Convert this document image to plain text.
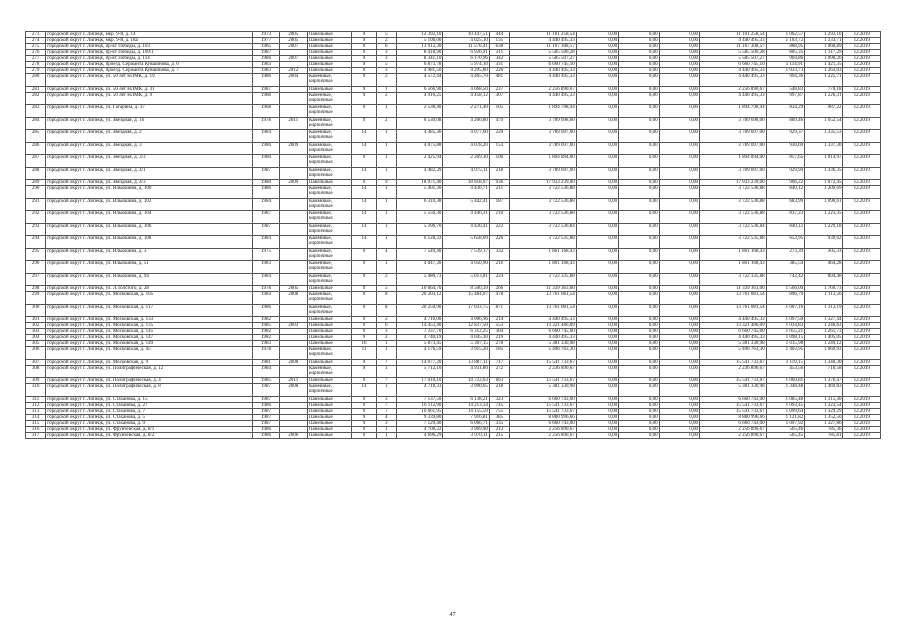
273	городской округ г. Липецк, мкр. 9-й, д. 14	1973	2005	Панельные	9	5	12 392,10	10 447,51	444	11 101 258,54	0,00	0,00	0,00	11 101 258,54	1 062,57	1 292,16	12.2019
274	городской округ г. Липецк, мкр. 9-й, д. 18а	1977	2005	Панельные	9	2	5 108,00	4 025,10	135	4 440 495,33	0,00	0,00	0,00	4 440 495,33	1 103,72	1 333,71	12.2019
275	городской округ г. Липецк, пр-кт Победы, д. 103	1985	2007	Панельные	9	6	13 912,30	11 576,41	638	11 167 308,57	0,00	0,00	0,00	11 167 308,57	888,95	1 068,89	12.2019
276	городской округ г. Липецк, пр-кт Победы, д. 109/1	1987		Панельные	9	3	8 418,90	6 926,91	311	5 585 506,28	0,00	0,00	0,00	5 585 506,28	805,35	1 117,29	12.2019
277	городской округ г. Липецк, пр-кт Победы, д. 114	1986	2007	Панельные	9	3	8 341,10	6 170,96	342	5 585 507,27	0,00	0,00	0,00	5 585 507,27	904,86	1 090,26	12.2019
278	городской округ г. Липецк, проезд. Сержанта Кувшинова, д. 6	1983		Панельные	9	5	6 873,78	5 974,10	331	6 660 745,10	0,00	0,00	0,00	6 660 745,10	1 114,91	1 421,35	12.2019
279	городской округ г. Липецк, проезд. Сержанта Кувшинова, д. 7	1983	2012	Панельные	9	3	4 981,50	4 295,80	226	4 440 495,33	0,00	0,00	0,00	4 440 495,33	1 033,73	1 263,03	12.2019
280	городской округ г. Липецк, ул. 50 лет НЛМК, д. 19	1986	2004	Каменные, кирпичные	9	2	4 572,44	4 465,70	481	4 440 495,33	0,00	0,00	0,00	4 440 495,33	994,36	1 225,71	12.2019
281	городской округ г. Липецк, ул. 50 лет НЛМК, д. 31	1987		Панельные	9	1	6 566,90	4 068,50	237	2 256 890,67	0,00	0,00	0,00	2 256 890,67	548,83	770,18	12.2019
282	городской округ г. Липецк, ул. 50 лет НЛМК, д. 9	1988		Каменные, кирпичные	9	2	4 916,25	4 458,12	307	4 440 495,33	0,00	0,00	0,00	4 440 495,33	997,87	1 226,31	12.2019
283	городской округ г. Липецк, ул. Гагарина, д. 37	1968		Каменные, кирпичные	9	1	2 538,40	2 271,40	105	1 894 798,94	0,00	0,00	0,00	1 894 798,94	834,29	987,22	12.2019
284	городской округ г. Липецк, ул. Звездная, д. 16	1978	2011	Каменные, кирпичные	9	2	6 530,08	4 260,80	479	3 789 698,00	0,00	0,00	0,00	3 789 698,00	889,46	1 052,54	12.2019
285	городской округ г. Липецк, ул. Звездная, д. 2	1984		Каменные, кирпичные	14	1	4 485,36	4 077,60	220	3 789 697,00	0,00	0,00	0,00	3 789 697,00	929,37	1 335,53	12.2019
286	городской округ г. Липецк, ул. Звездная, д. 3	1986	2009	Каменные, кирпичные	14	1	4 075,88	4 078,20	153	3 789 697,00	0,00	0,00	0,00	3 789 697,00	930,69	1 337,30	12.2019
287	городской округ г. Липецк, ул. Звездная, д. 3/3	1980		Каменные, кирпичные	9	1	2 425,94	2 269,30	106	1 894 894,00	0,00	0,00	0,00	1 894 894,00	857,65	1 014,97	12.2019
288	городской округ г. Липецк, ул. Звездная, д. 4/1	1987		Каменные, кирпичные	14	1	4 482,39	4 075,11	218	3 789 697,00	0,00	0,00	0,00	3 789 697,00	929,94	1 336,35	12.2019
289	городской округ г. Липецк, ул. Звездная, д. 4/3	1980	2009	Панельные	9	9	18 971,40	18 818,07	936	17 933 239,00	0,00	0,00	0,00	17 933 239,00	906,22	1 072,45	12.2019
290	городской округ г. Липецк, ул. Ильюшина, д. 100	1986		Каменные, кирпичные	14	1	5 401,30	4 430,71	211	3 722 536,88	0,00	0,00	0,00	3 722 536,88	840,12	1 209,69	12.2019
291	городской округ г. Липецк, ул. Ильюшина, д. 102	1984		Каменные, кирпичные	14	1	6 310,38	5 442,41	187	3 722 536,88	0,00	0,00	0,00	3 722 536,88	683,99	1 090,61	12.2019
292	городской округ г. Липецк, ул. Ильюшина, д. 104	1987		Каменные, кирпичные	14	1	5 556,30	4 446,31	210	3 722 536,88	0,00	0,00	0,00	3 722 536,88	837,23	1 223,35	12.2019
293	городской округ г. Липецк, ул. Ильюшина, д. 106	1987		Каменные, кирпичные	14	1	5 396,70	4 430,41	222	3 722 536,84	0,00	0,00	0,00	3 722 536,84	840,12	1 229,18	12.2019
294	городской округ г. Липецк, ул. Ильюшина, д. 108	1984		Каменные, кирпичные	14	1	6 128,33	5 658,09	226	3 722 535,88	0,00	0,00	0,00	3 722 535,88	653,95	939,62	12.2019
295	городской округ г. Липецк, ул. Ильюшина, д. 3	1975		Каменные, кирпичные	9	4	7 549,40	7 539,17	332	1 861 168,43	0,00	0,00	0,00	1 861 168,43	273,39	305,33	12.2019
296	городской округ г. Липецк, ул. Ильюшина, д. 51	1983		Каменные, кирпичные	9	1	4 847,30	4 050,90	216	1 861 168,43	0,00	0,00	0,00	1 861 168,43	385,54	464,28	12.2019
297	городской округ г. Липецк, ул. Ильюшина, д. 94	1984		Каменные, кирпичные	9	2	5 480,73	5 013,81	224	3 722 335,88	0,00	0,00	0,00	3 722 335,88	742,42	894,48	12.2019
298	городской округ г. Липецк, ул. Л.Толстого, д. 28	1978	2005	Панельные	9	5	10 664,70	8 500,39	266	11 339 363,00	0,00	0,00	0,00	11 339 363,00	1 566,09	1 769,73	12.2019
299	городской округ г. Липецк, ул. Московская, д. 105	1984	2008	Каменные, кирпичные	9	8	20 203,12	15 484,07	478	13 761 081,54	0,00	0,00	0,00	13 761 081,54	896,79	1 113,56	12.2019
300	городской округ г. Липецк, ул. Московская, д. 117	1986		Каменные, кирпичные	9	8	20 250,90	17 033,75	871	13 761 081,54	0,00	0,00	0,00	13 761 081,54	1 007,16	1 313,19	12.2019
301	городской округ г. Липецк, ул. Московская, д. 133	1982		Панельные	9	2	4 716,00	4 006,96	214	4 440 495,33	0,00	0,00	0,00	4 440 495,33	1 097,50	1 327,44	12.2019
302	городской округ г. Липецк, ул. Московская, д. 135	1985	2003	Панельные	9	6	14 453,40	12 837,50	553	13 321 486,09	0,00	0,00	0,00	13 321 486,09	1 034,83	1 246,63	12.2019
303	городской округ г. Липецк, ул. Московская, д. 145	1982		Панельные	9	3	7 337,70	6 312,25	304	6 660 745,00	0,00	0,00	0,00	6 660 745,00	1 055,21	1 261,73	12.2019
304	городской округ г. Липецк, ул. Московская, д. 147	1982		Панельные	9	2	4 740,19	4 045,30	219	4 440 495,33	0,00	0,00	0,00	4 440 495,33	1 098,15	1 405,05	12.2019
305	городской округ г. Липецк, ул. Московская, д. 149	1983		Панельные	16	1	5 873,45	5 307,15	278	5 381 330,98	0,00	0,00	0,00	5 381 330,98	1 015,98	1 249,12	12.2019
306	городской округ г. Липецк, ул. Московская, д. 45	1978		Каменные, кирпичные	11	1	4 176,59	3 915,20	185	5 496 763,30	0,00	0,00	0,00	5 496 763,30	1 403,95	1 669,93	12.2019
307	городской округ г. Липецк, ул. Московская, д. 9	1981	2008	Панельные	9	7	14 077,20	13 887,11	717	15 541 733,67	0,00	0,00	0,00	15 541 733,67	1 119,15	1 340,30	12.2019
308	городской округ г. Липецк, ул. Полиграфическая, д. 12	1984		Каменные, кирпичные	9	1	5 712,10	4 931,80	272	2 236 890,67	0,00	0,00	0,00	2 236 890,67	453,56	710,58	12.2019
309	городской округ г. Липецк, ул. Полиграфическая, д. 4	1985	2011	Панельные	9	7	17 010,10	14 722,63	663	15 541 733,67	0,00	0,00	0,00	15 541 733,67	1 069,81	1 376,47	12.2019
310	городской округ г. Липецк, ул. Полиграфическая, д. 8	1987	2008	Каменные, кирпичные	14	1	4 718,33	3 990,65	218	5 381 330,98	0,00	0,00	0,00	5 381 330,98	1 348,48	1 469,83	12.2019
311	городской округ г. Липецк, ул. Стаханова, д. 15	1987		Панельные	9	3	7 137,50	6 138,21	323	6 660 743,00	0,00	0,00	0,00	6 660 743,00	1 085,48	1 315,30	12.2019
312	городской округ г. Липецк, ул. Стаханова, д. 27	1986		Панельные	9	7	16 112,90	14 213,34	745	15 541 733,67	0,00	0,00	0,00	15 541 733,67	1 093,45	1 323,54	12.2019
313	городской округ г. Липецк, ул. Стаханова, д. 7	1987		Панельные	9	7	16 661,95	14 155,59	755	15 541 733,67	0,00	0,00	0,00	15 541 733,67	1 099,64	1 329,29	12.2019
314	городской округ г. Липецк, ул. Стаханова, д. 5	1987		Панельные	9	4	9 339,80	7 916,81	385	8 880 996,66	0,00	0,00	0,00	8 880 996,66	1 121,82	1 352,50	12.2019
315	городской округ г. Липецк, ул. Стаханова, д. 9	1987		Панельные	9	3	7 129,40	6 066,71	335	6 660 743,00	0,00	0,00	0,00	6 660 743,00	1 097,92	1 327,86	12.2019
316	городской округ г. Липецк, ул. Фрунзенская, д. 8/1	1986		Панельные	9	1	4 708,22	3 969,90	213	2 256 890,67	0,00	0,00	0,00	2 256 890,67	565,46	785,36	12.2019
317	городской округ г. Липецк, ул. Фрунзенская, д. 8/2	1986	2006	Панельные	9	1	4 696,29	3 970,11	215	2 256 890,67	0,00	0,00	0,00	2 256 890,67	565,45	785,81	12.2019
47
